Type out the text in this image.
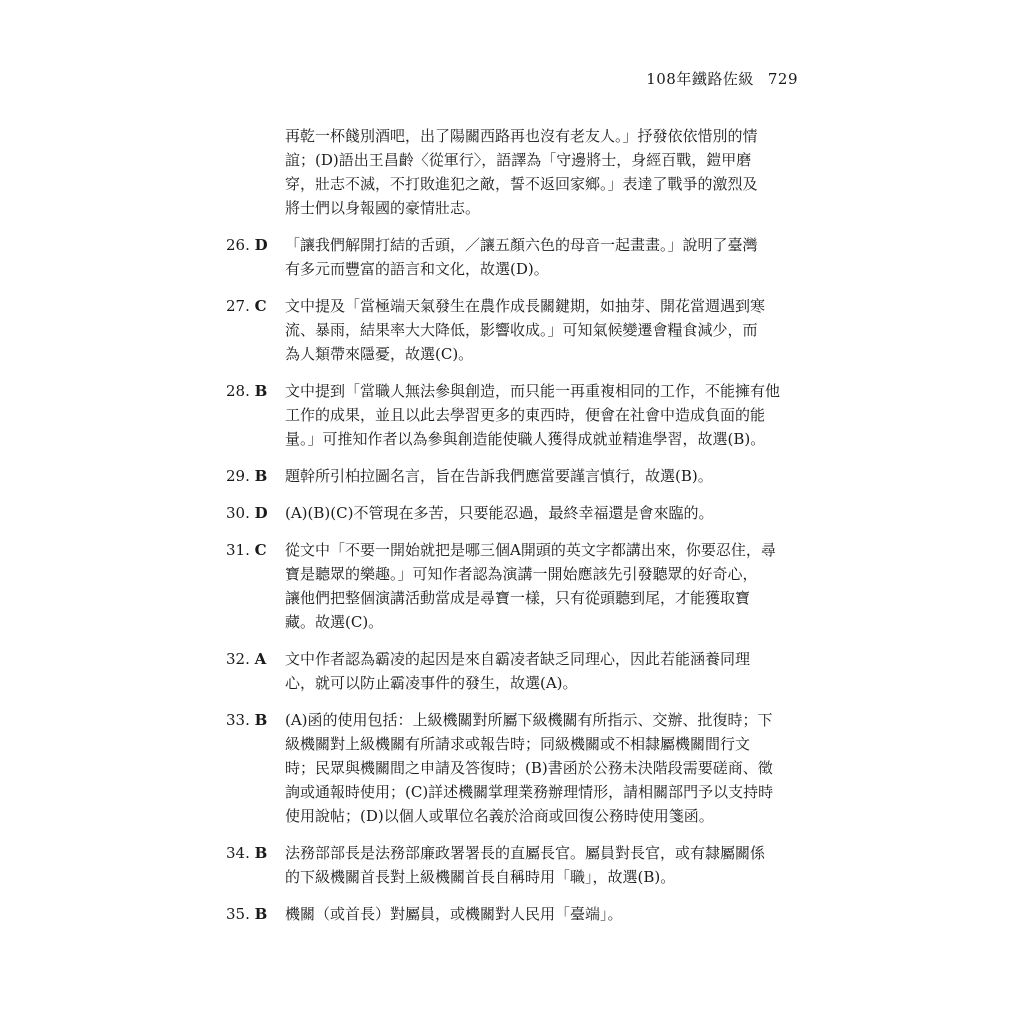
108年鐵路佐級 729
再乾一杯餞別酒吧，出了陽關西路再也沒有老友人。」抒發依依惜別的情
誼；(D)語出王昌齡〈從軍行〉，語譯為「守邊將士，身經百戰，鎧甲磨
穿，壯志不滅，不打敗進犯之敵，誓不返回家鄉。」表達了戰爭的激烈及
將士們以身報國的豪情壯志。
26. D 「讓我們解開打結的舌頭，／讓五顏六色的母音一起畫畫。」說明了臺灣
有多元而豐富的語言和文化，故選(D)。
27. C 文中提及「當極端天氣發生在農作成長關鍵期，如抽芽、開花當週遇到寒
流、暴雨，結果率大大降低，影響收成。」可知氣候變遷會糧食減少，而
為人類帶來隱憂，故選(C)。
28. B 文中提到「當職人無法參與創造，而只能一再重複相同的工作，不能擁有他
工作的成果，並且以此去學習更多的東西時，便會在社會中造成負面的能
量。」可推知作者以為參與創造能使職人獲得成就並精進學習，故選(B)。
29. B 題幹所引柏拉圖名言，旨在告訴我們應當要謹言慎行，故選(B)。
30. D (A)(B)(C)不管現在多苦，只要能忍過，最終幸福還是會來臨的。
31. C 從文中「不要一開始就把是哪三個A開頭的英文字都講出來，你要忍住，尋
寶是聽眾的樂趣。」可知作者認為演講一開始應該先引發聽眾的好奇心，
讓他們把整個演講活動當成是尋寶一樣，只有從頭聽到尾，才能獲取寶
藏。故選(C)。
32. A 文中作者認為霸凌的起因是來自霸凌者缺乏同理心，因此若能涵養同理
心，就可以防止霸凌事件的發生，故選(A)。
33. B (A)函的使用包括：上級機關對所屬下級機關有所指示、交辦、批復時；下
級機關對上級機關有所請求或報告時；同級機關或不相隸屬機關間行文
時；民眾與機關間之申請及答復時；(B)書函於公務未決階段需要磋商、徵
詢或通報時使用；(C)詳述機關掌理業務辦理情形，請相關部門予以支持時
使用說帖；(D)以個人或單位名義於洽商或回復公務時使用箋函。
34. B 法務部部長是法務部廉政署署長的直屬長官。屬員對長官，或有隸屬關係
的下級機關首長對上級機關首長自稱時用「職」，故選(B)。
35. B 機關（或首長）對屬員，或機關對人民用「臺端」。
